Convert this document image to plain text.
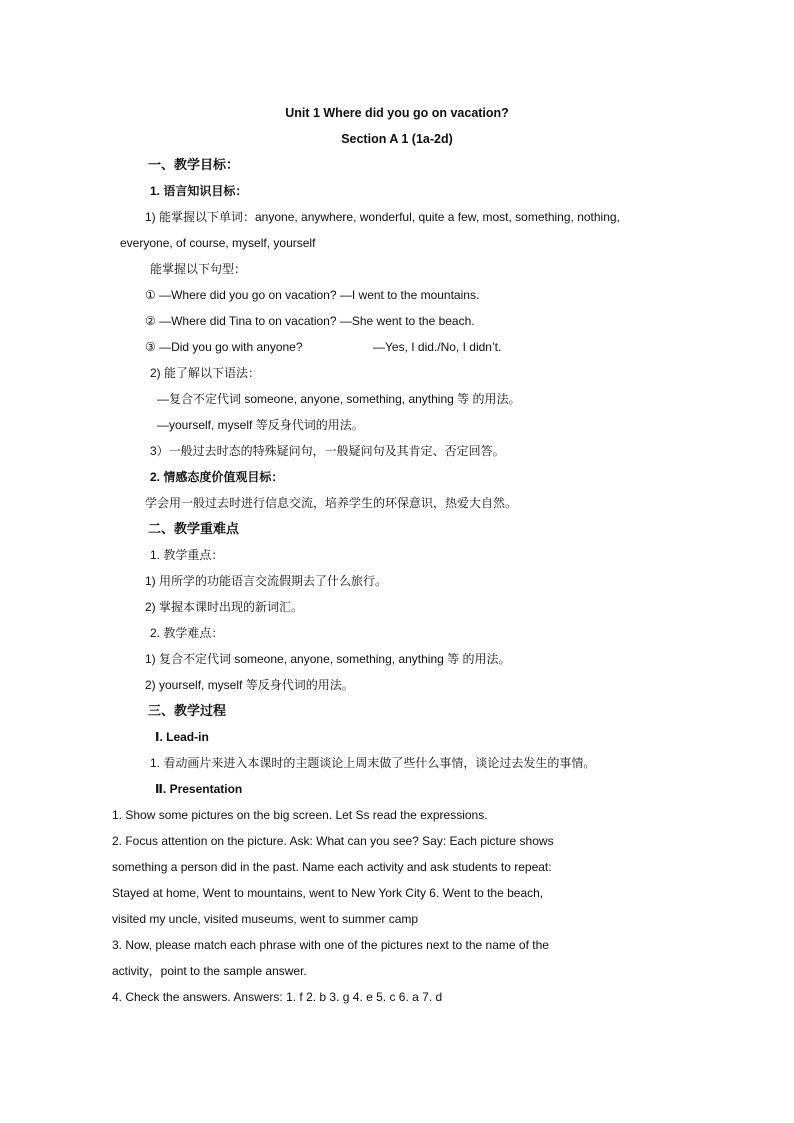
Unit 1 Where did you go on vacation?
Section A 1 (1a-2d)
一、教学目标：
1. 语言知识目标：
1) 能掌握以下单词：anyone, anywhere, wonderful, quite a few, most, something, nothing,
everyone, of course, myself, yourself
能掌握以下句型：
① —Where did you go on vacation? —I went to the mountains.
② —Where did Tina to on vacation? —She went to the beach.
③ —Did you go with anyone?	—Yes, I did./No, I didn’t.
2) 能了解以下语法：
—复合不定代词 someone, anyone, something, anything 等 的用法。
—yourself, myself 等反身代词的用法。
3）一般过去时态的特殊疑问句，一般疑问句及其肯定、否定回答。
2. 情感态度价值观目标：
学会用一般过去时进行信息交流，培养学生的环保意识，热爱大自然。
二、教学重难点
1. 教学重点：
1) 用所学的功能语言交流假期去了什么旅行。
2) 掌握本课时出现的新词汇。
2. 教学难点：
1) 复合不定代词 someone, anyone, something, anything 等 的用法。
2) yourself, myself 等反身代词的用法。
三、教学过程
Ⅰ. Lead-in
1. 看动画片来进入本课时的主题谈论上周末做了些什么事情，谈论过去发生的事情。
Ⅱ. Presentation
1. Show some pictures on the big screen. Let Ss read the expressions.
2. Focus attention on the picture. Ask: What can you see? Say: Each picture shows
something a person did in the past. Name each activity and ask students to repeat:
Stayed at home, Went to mountains, went to New York City 6. Went to the beach,
visited my uncle, visited museums, went to summer camp
3. Now, please match each phrase with one of the pictures next to the name of the
activity，point to the sample answer.
4. Check the answers. Answers: 1. f 2. b 3. g 4. e 5. c 6. a 7. d
